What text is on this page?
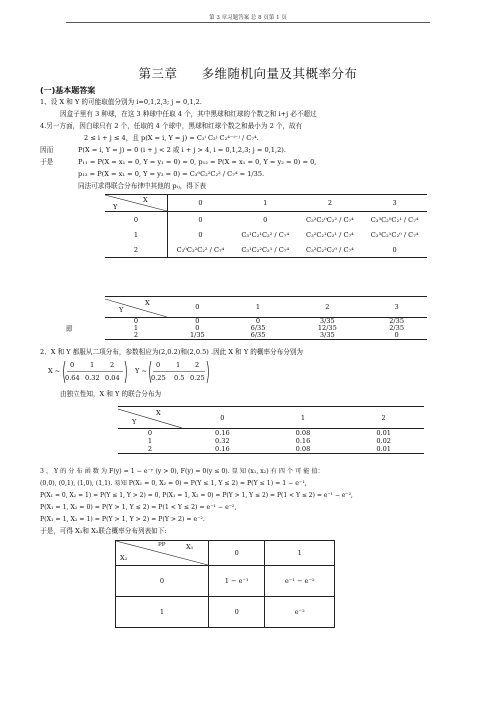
第 3 章习题答案 总 8 页第 1 页
第三章 多维随机向量及其概率分布
(一)基本题答案
1、设 X 和 Y 的可能取值分别为 i=0,1,2,3; j = 0,1,2.
因盒子里有 3 种球，在这 3 种球中任取 4 个，其中黑球和红球的个数之和 i+j 必不超过
4.另一方面，因白球只有 2 个，任取的 4 个球中，黑球和红球个数之和最小为 2 个，故有
2 ≤ i + j ≤ 4，且 p(X = i, Y = j) = C₃ⁱ C₂ʲ C₂⁴⁻ⁱ⁻ʲ / C₇⁴.
因而	P(X = i, Y = j) = 0 (i + j < 2 或 i + j > 4, i = 0,1,2,3; j = 0,1,2).
于是	P₁₁ = P(X = x₁ = 0, Y = y₁ = 0) = 0, p₁₂ = P(X = x₁ = 0, Y = y₂ = 0) = 0,
p₁₃ = P(X = x₁ = 0, Y = y₃ = 0) = C₃⁰C₂²C₂² / C₇⁴ = 1/35.
同法可求得联合分布律中其他的 pᵢⱼ，得下表
X
Y	0	1	2	3
0	0	0	C₃²C₂⁰C₂² / C₇⁴	C₃³C₂⁰C₂¹ / C₇⁴
1	0	C₃¹C₂¹C₂² / C₇⁴	C₃²C₂¹C₂¹ / C₇⁴	C₃³C₂¹C₂⁰ / C₇⁴
2	C₃⁰C₂²C₂² / C₇⁴	C₃¹C₂²C₂¹ / C₇⁴	C₃²C₂²C₂⁰ / C₇⁴	0
即
X
Y	0	1	2	3
0	0	0	3/35	2/35
1	0	6/35	12/35	2/35
2	1/35	6/35	3/35	0
2、X 和 Y 都服从二项分布，参数相应为(2,0.2)和(2,0.5) .因此 X 和 Y 的概率分布分别为
X ~
0 1 2
0.64 0.32 0.04
Y ~
0 1 2
0.25 0.5 0.25
由独立性知，X 和 Y 的联合分布为
X
Y	0	1	2
0	0.16	0.08	0.01
1	0.32	0.16	0.02
2	0.16	0.08	0.01
3 、 Y 的 分 布 函 数 为 F(y) = 1 − e⁻ʸ (y > 0), F(y) = 0(y ≤ 0). 显 知 (x₁, x₂) 有 四 个 可 能 值：
(0,0), (0,1), (1,0), (1,1). 易知 P(X₁ = 0, X₂ = 0) = P(Y ≤ 1, Y ≤ 2) = P(Y ≤ 1) = 1 − e⁻¹,
P(X₁ = 0, X₂ = 1) = P(Y ≤ 1, Y > 2) = 0, P(X₁ = 1, X₂ = 0) = P(Y > 1, Y ≤ 2) = P(1 < Y ≤ 2) = e⁻¹ − e⁻²,
P(X₁ = 1, X₂ = 0) = P(Y > 1, Y ≤ 2) = P(1 < Y ≤ 2) = e⁻¹ − e⁻²,
P(X₁ = 1, X₂ = 1) = P(Y > 1, Y > 2) = P(Y > 2) = e⁻².
于是，可得 X₁和 X₂联合概率分布列表如下:
PP X₁
X₂	0	1
0	1 − e⁻¹	e⁻¹ − e⁻²
1	0	e⁻²
